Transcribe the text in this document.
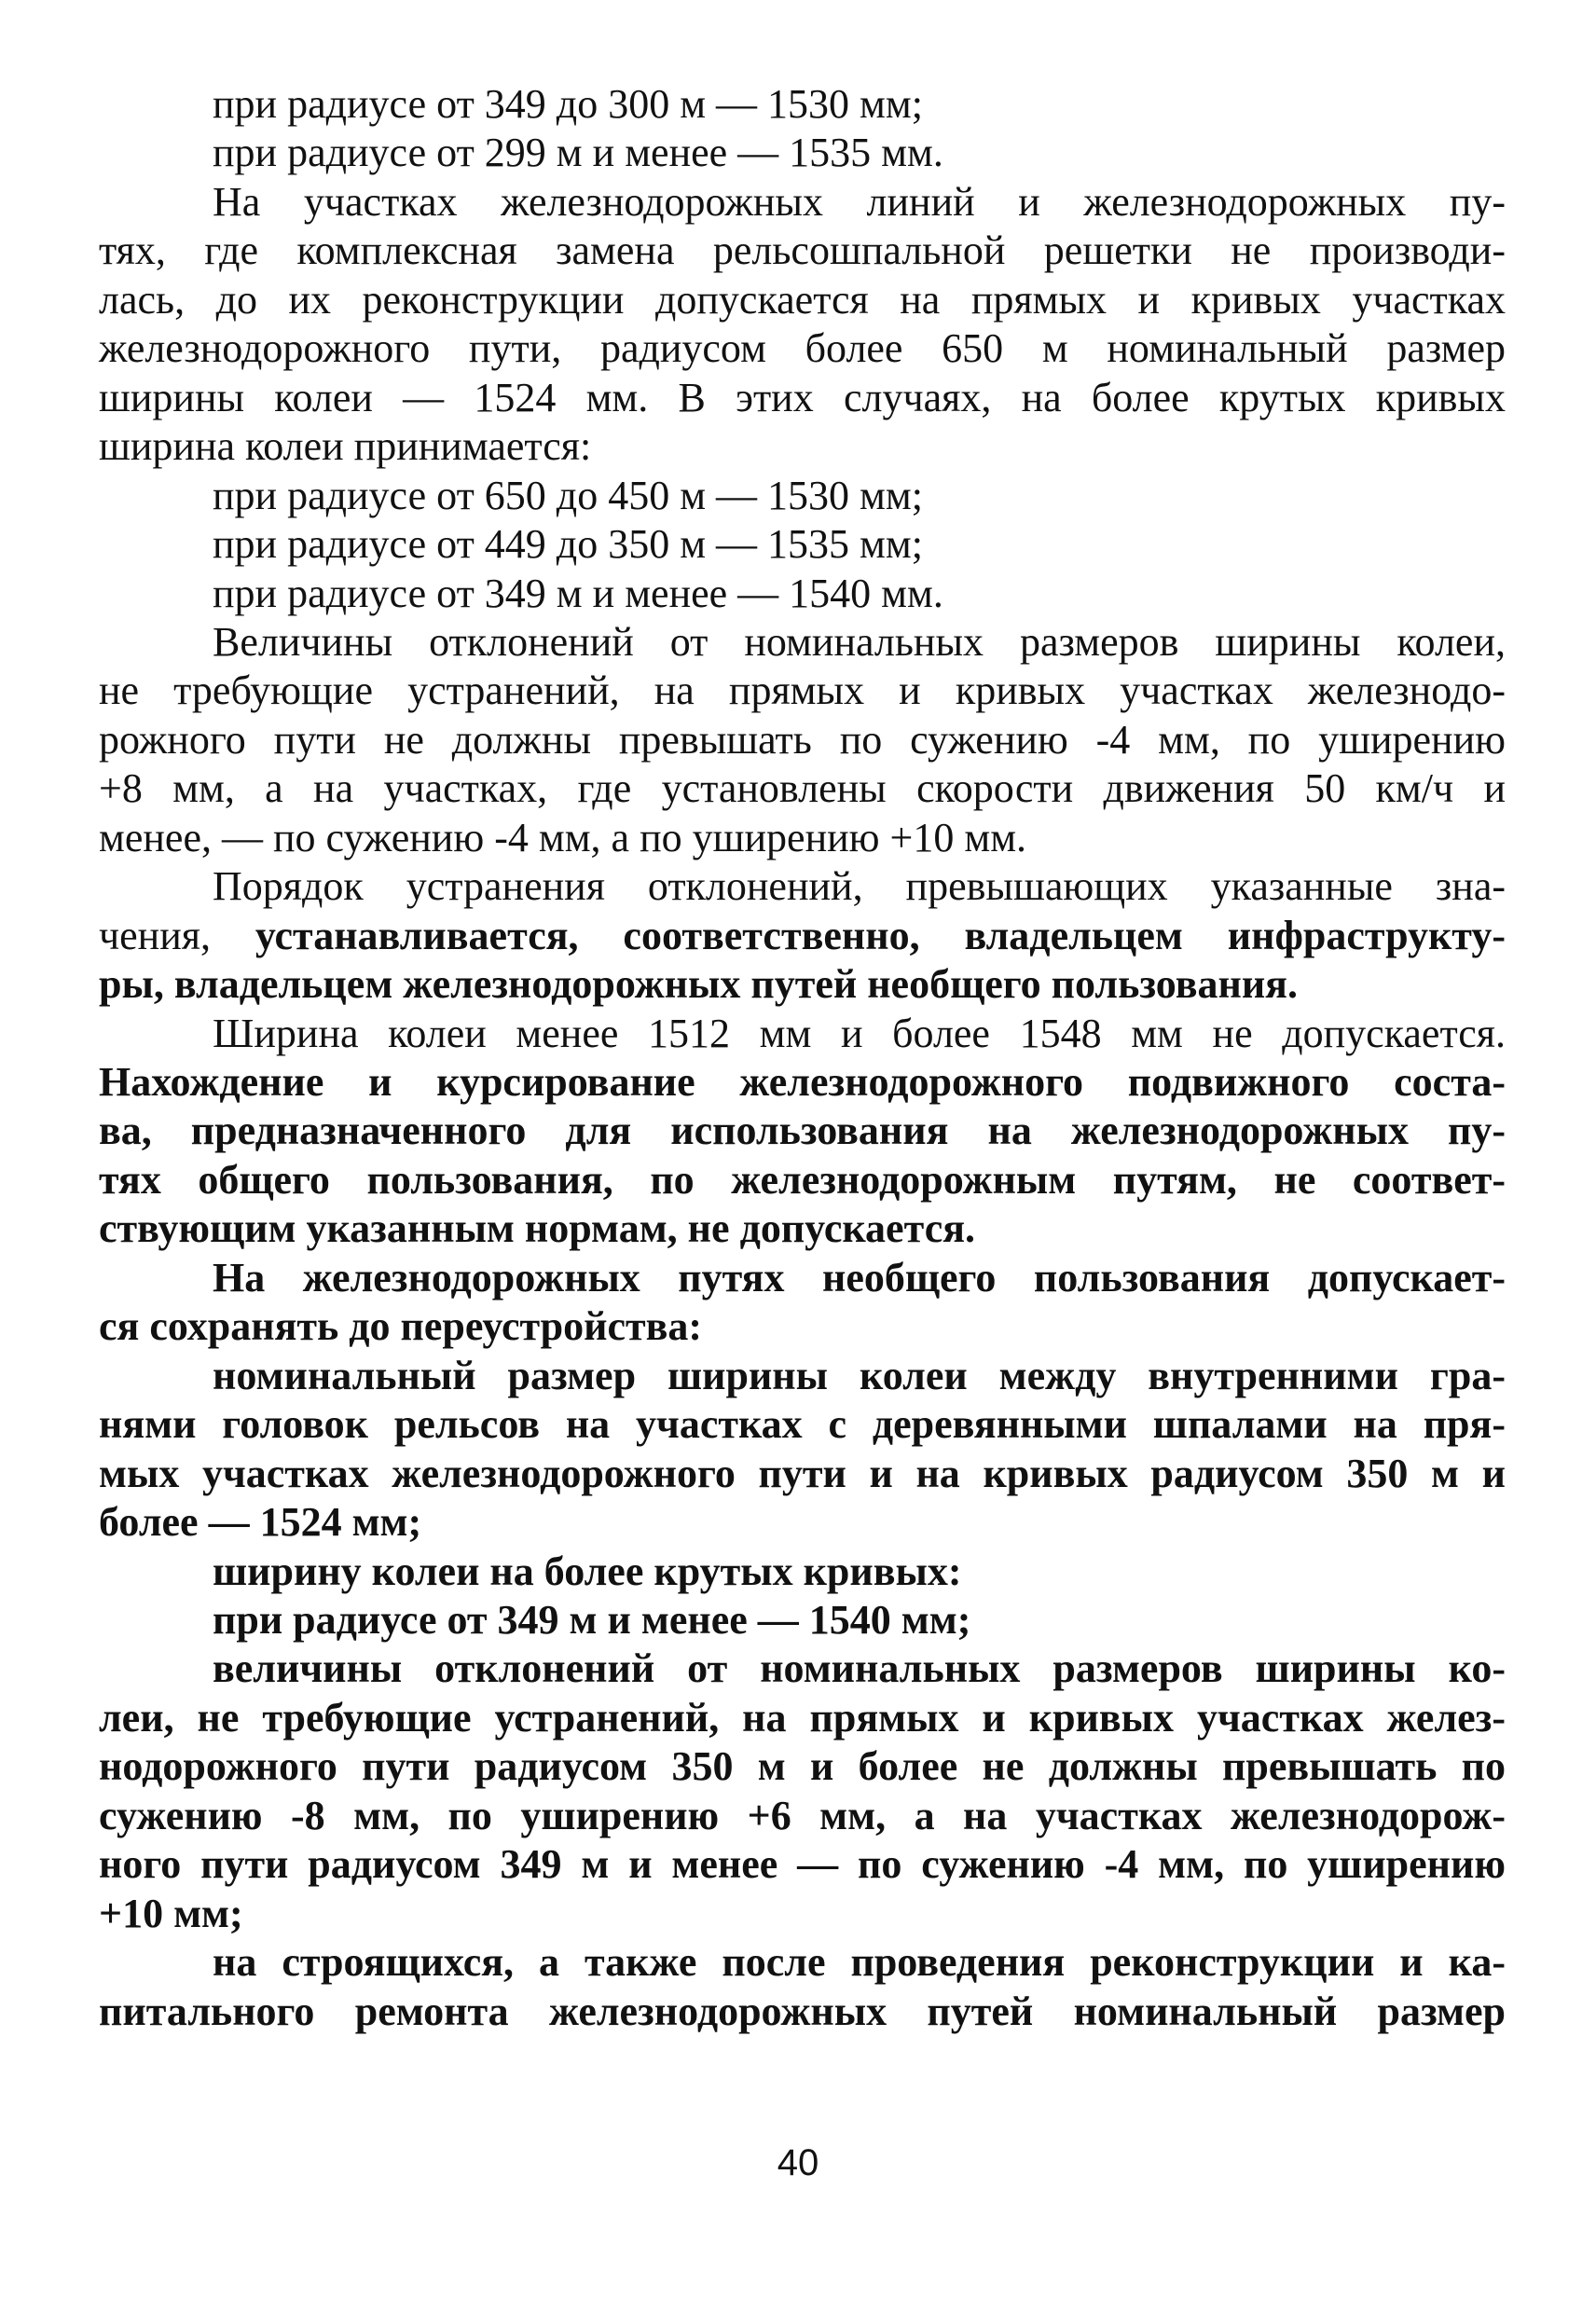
при радиусе от 349 до 300 м — 1530 мм;
при радиусе от 299 м и менее — 1535 мм.
На участках железнодорожных линий и железнодорожных пу-
тях, где комплексная замена рельсошпальной решетки не производи-
лась, до их реконструкции допускается на прямых и кривых участках
железнодорожного пути, радиусом более 650 м номинальный размер
ширины колеи — 1524 мм. В этих случаях, на более крутых кривых
ширина колеи принимается:
при радиусе от 650 до 450 м — 1530 мм;
при радиусе от 449 до 350 м — 1535 мм;
при радиусе от 349 м и менее — 1540 мм.
Величины отклонений от номинальных размеров ширины колеи,
не требующие устранений, на прямых и кривых участках железнодо-
рожного пути не должны превышать по сужению -4 мм, по уширению
+8 мм, а на участках, где установлены скорости движения 50 км/ч и
менее, — по сужению -4 мм, а по уширению +10 мм.
Порядок устранения отклонений, превышающих указанные зна-
чения, устанавливается, соответственно, владельцем инфраструкту-
ры, владельцем железнодорожных путей необщего пользования.
Ширина колеи менее 1512 мм и более 1548 мм не допускается.
Нахождение и курсирование железнодорожного подвижного соста-
ва, предназначенного для использования на железнодорожных пу-
тях общего пользования, по железнодорожным путям, не соответ-
ствующим указанным нормам, не допускается.
На железнодорожных путях необщего пользования допускает-
ся сохранять до переустройства:
номинальный размер ширины колеи между внутренними гра-
нями головок рельсов на участках с деревянными шпалами на пря-
мых участках железнодорожного пути и на кривых радиусом 350 м и
более — 1524 мм;
ширину колеи на более крутых кривых:
при радиусе от 349 м и менее — 1540 мм;
величины отклонений от номинальных размеров ширины ко-
леи, не требующие устранений, на прямых и кривых участках желез-
нодорожного пути радиусом 350 м и более не должны превышать по
сужению -8 мм, по уширению +6 мм, а на участках железнодорож-
ного пути радиусом 349 м и менее — по сужению -4 мм, по уширению
+10 мм;
на строящихся, а также после проведения реконструкции и ка-
питального ремонта железнодорожных путей номинальный размер
40
